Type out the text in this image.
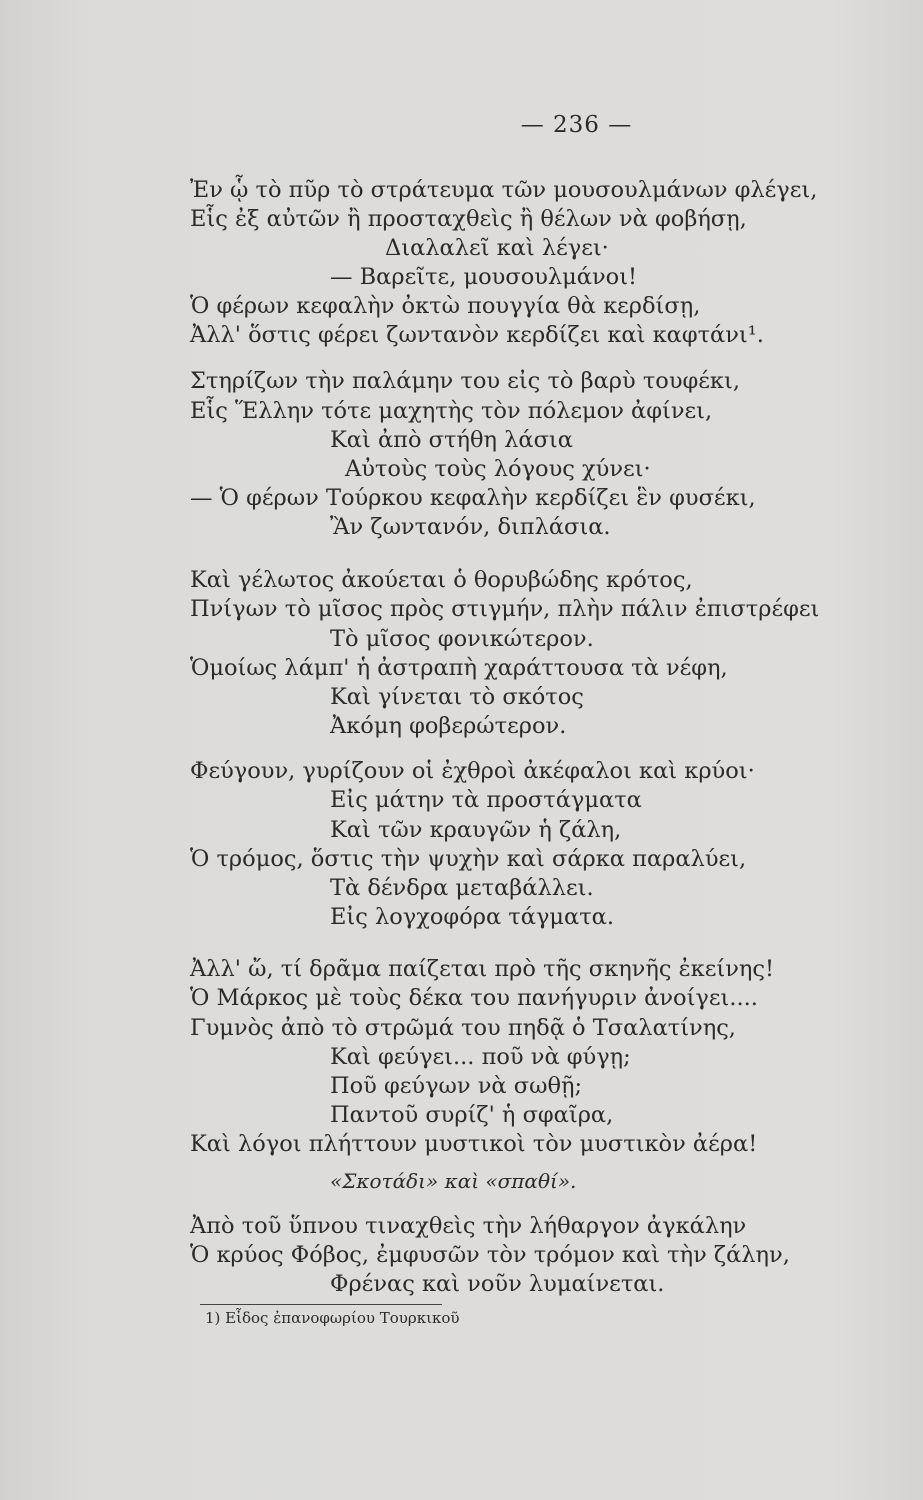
— 236 —
Ἐν ᾧ τὸ πῦρ τὸ στράτευμα τῶν μουσουλμάνων φλέγει,
Εἷς ἐξ αὐτῶν ἢ προσταχθεὶς ἢ θέλων νὰ φοβήσῃ,
Διαλαλεῖ καὶ λέγει·
— Βαρεῖτε, μουσουλμάνοι!
Ὁ φέρων κεφαλὴν ὀκτὼ πουγγία θὰ κερδίσῃ,
Ἀλλ' ὅστις φέρει ζωντανὸν κερδίζει καὶ καφτάνι¹.
Στηρίζων τὴν παλάμην του εἰς τὸ βαρὺ τουφέκι,
Εἷς Ἕλλην τότε μαχητὴς τὸν πόλεμον ἀφίνει,
Καὶ ἀπὸ στήθη λάσια
Αὐτοὺς τοὺς λόγους χύνει·
— Ὁ φέρων Τούρκου κεφαλὴν κερδίζει ἓν φυσέκι,
Ἂν ζωντανόν, διπλάσια.
Καὶ γέλωτος ἀκούεται ὁ θορυβώδης κρότος,
Πνίγων τὸ μῖσος πρὸς στιγμήν, πλὴν πάλιν ἐπιστρέφει
Τὸ μῖσος φονικώτερον.
Ὁμοίως λάμπ' ἡ ἀστραπὴ χαράττουσα τὰ νέφη,
Καὶ γίνεται τὸ σκότος
Ἀκόμη φοβερώτερον.
Φεύγουν, γυρίζουν οἱ ἐχθροὶ ἀκέφαλοι καὶ κρύοι·
Εἰς μάτην τὰ προστάγματα
Καὶ τῶν κραυγῶν ἡ ζάλη,
Ὁ τρόμος, ὅστις τὴν ψυχὴν καὶ σάρκα παραλύει,
Τὰ δένδρα μεταβάλλει.
Εἰς λογχοφόρα τάγματα.
Ἀλλ' ὤ, τί δρᾶμα παίζεται πρὸ τῆς σκηνῆς ἐκείνης!
Ὁ Μάρκος μὲ τοὺς δέκα του πανήγυριν ἀνοίγει....
Γυμνὸς ἀπὸ τὸ στρῶμά του πηδᾷ ὁ Τσαλατίνης,
Καὶ φεύγει... ποῦ νὰ φύγῃ;
Ποῦ φεύγων νὰ σωθῇ;
Παντοῦ συρίζ' ἡ σφαῖρα,
Καὶ λόγοι πλήττουν μυστικοὶ τὸν μυστικὸν ἀέρα!
«Σκοτάδι» καὶ «σπαθί».
Ἀπὸ τοῦ ὕπνου τιναχθεὶς τὴν λήθαργον ἀγκάλην
Ὁ κρύος Φόβος, ἐμφυσῶν τὸν τρόμον καὶ τὴν ζάλην,
Φρένας καὶ νοῦν λυμαίνεται.
1) Εἶδος ἐπανοφωρίου Τουρκικοῦ
